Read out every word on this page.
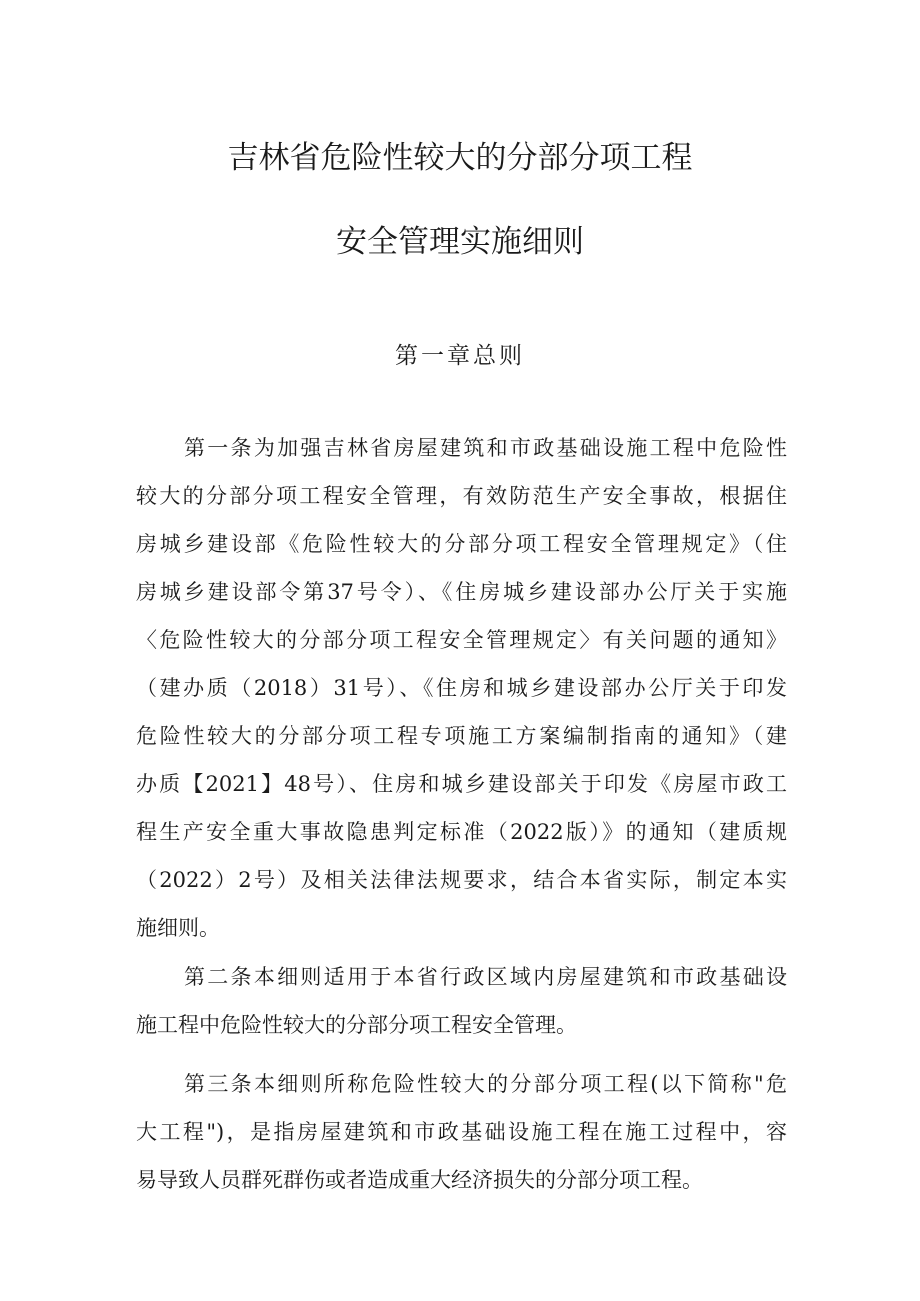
吉林省危险性较大的分部分项工程
安全管理实施细则
第一章总则
第一条为加强吉林省房屋建筑和市政基础设施工程中危险性
较大的分部分项工程安全管理，有效防范生产安全事故，根据住
房城乡建设部《危险性较大的分部分项工程安全管理规定》（住
房城乡建设部令第37号令）、《住房城乡建设部办公厅关于实施
〈危险性较大的分部分项工程安全管理规定〉有关问题的通知》
（建办质（2018）31号）、《住房和城乡建设部办公厅关于印发
危险性较大的分部分项工程专项施工方案编制指南的通知》（建
办质【2021】48号）、住房和城乡建设部关于印发《房屋市政工
程生产安全重大事故隐患判定标准（2022版）》的通知（建质规
（2022）2号）及相关法律法规要求，结合本省实际，制定本实
施细则。
第二条本细则适用于本省行政区域内房屋建筑和市政基础设
施工程中危险性较大的分部分项工程安全管理。
第三条本细则所称危险性较大的分部分项工程(以下简称"危
大工程")，是指房屋建筑和市政基础设施工程在施工过程中，容
易导致人员群死群伤或者造成重大经济损失的分部分项工程。
